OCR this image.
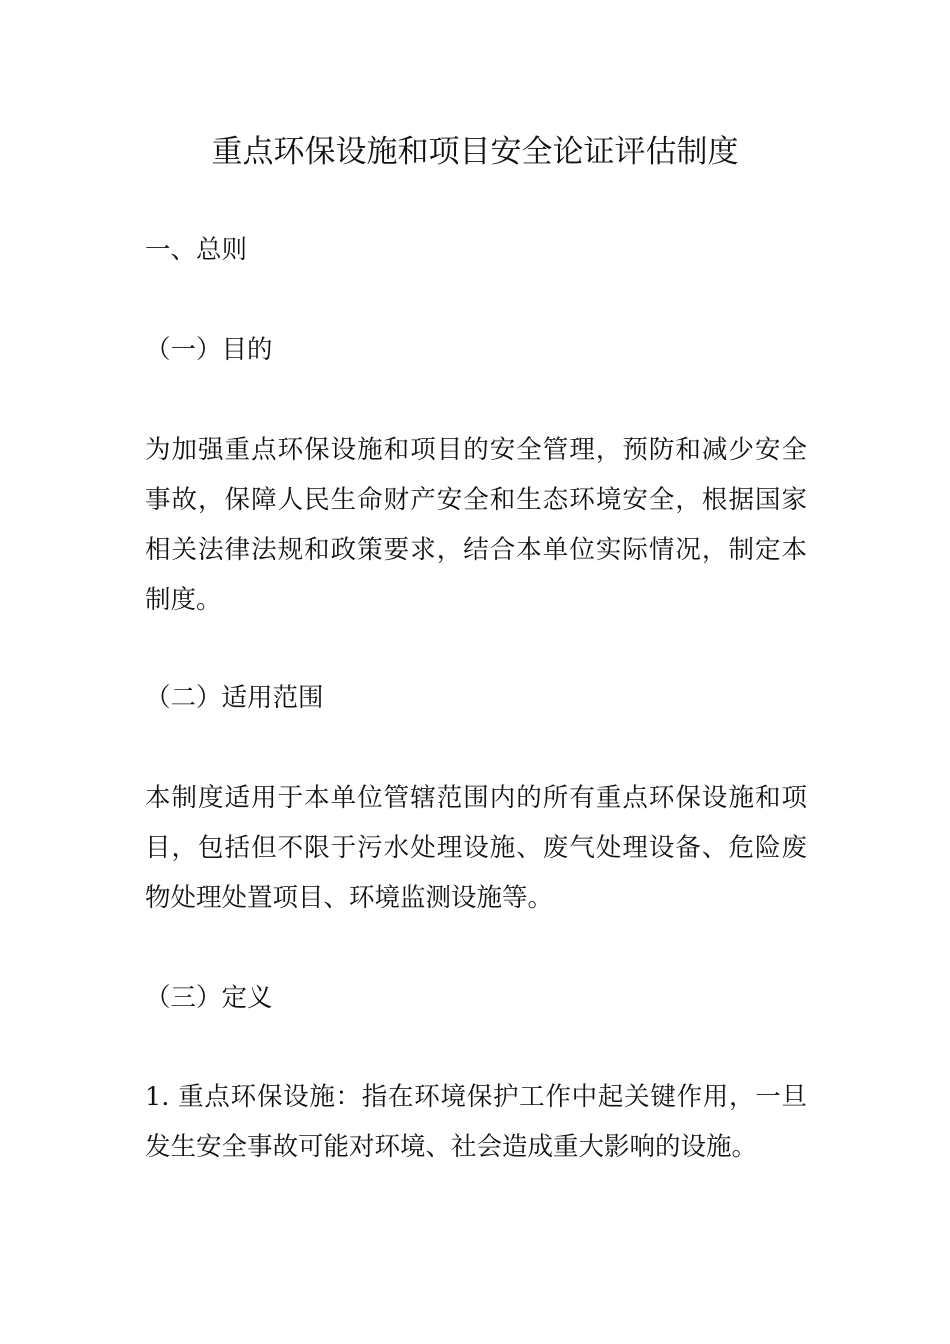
重点环保设施和项目安全论证评估制度
一、总则
（一）目的
为加强重点环保设施和项目的安全管理，预防和减少安全
事故，保障人民生命财产安全和生态环境安全，根据国家
相关法律法规和政策要求，结合本单位实际情况，制定本
制度。
（二）适用范围
本制度适用于本单位管辖范围内的所有重点环保设施和项
目，包括但不限于污水处理设施、废气处理设备、危险废
物处理处置项目、环境监测设施等。
（三）定义
1. 重点环保设施：指在环境保护工作中起关键作用，一旦
发生安全事故可能对环境、社会造成重大影响的设施。
